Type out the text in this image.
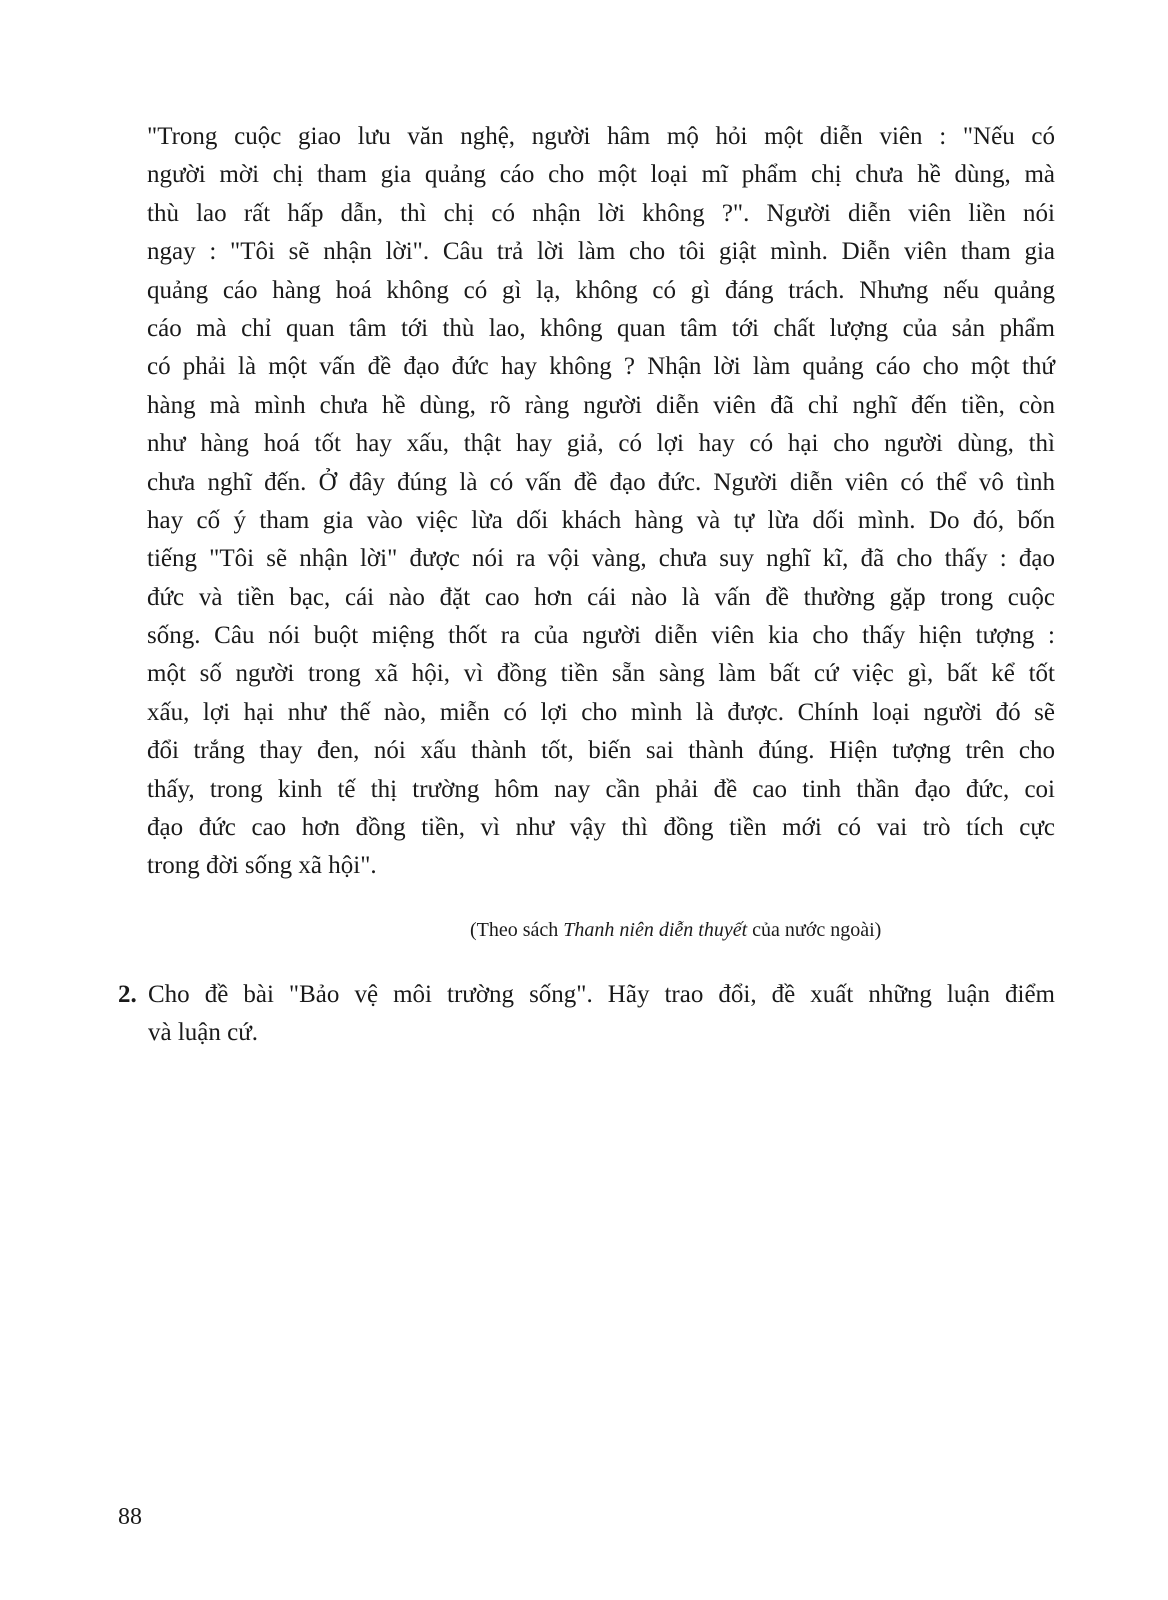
"Trong cuộc giao lưu văn nghệ, người hâm mộ hỏi một diễn viên : "Nếu có
người mời chị tham gia quảng cáo cho một loại mĩ phẩm chị chưa hề dùng, mà
thù lao rất hấp dẫn, thì chị có nhận lời không ?". Người diễn viên liền nói
ngay : "Tôi sẽ nhận lời". Câu trả lời làm cho tôi giật mình. Diễn viên tham gia
quảng cáo hàng hoá không có gì lạ, không có gì đáng trách. Nhưng nếu quảng
cáo mà chỉ quan tâm tới thù lao, không quan tâm tới chất lượng của sản phẩm
có phải là một vấn đề đạo đức hay không ? Nhận lời làm quảng cáo cho một thứ
hàng mà mình chưa hề dùng, rõ ràng người diễn viên đã chỉ nghĩ đến tiền, còn
như hàng hoá tốt hay xấu, thật hay giả, có lợi hay có hại cho người dùng, thì
chưa nghĩ đến. Ở đây đúng là có vấn đề đạo đức. Người diễn viên có thể vô tình
hay cố ý tham gia vào việc lừa dối khách hàng và tự lừa dối mình. Do đó, bốn
tiếng "Tôi sẽ nhận lời" được nói ra vội vàng, chưa suy nghĩ kĩ, đã cho thấy : đạo
đức và tiền bạc, cái nào đặt cao hơn cái nào là vấn đề thường gặp trong cuộc
sống. Câu nói buột miệng thốt ra của người diễn viên kia cho thấy hiện tượng :
một số người trong xã hội, vì đồng tiền sẵn sàng làm bất cứ việc gì, bất kể tốt
xấu, lợi hại như thế nào, miễn có lợi cho mình là được. Chính loại người đó sẽ
đổi trắng thay đen, nói xấu thành tốt, biến sai thành đúng. Hiện tượng trên cho
thấy, trong kinh tế thị trường hôm nay cần phải đề cao tinh thần đạo đức, coi
đạo đức cao hơn đồng tiền, vì như vậy thì đồng tiền mới có vai trò tích cực
trong đời sống xã hội".
(Theo sách Thanh niên diễn thuyết của nước ngoài)
2. Cho đề bài "Bảo vệ môi trường sống". Hãy trao đổi, đề xuất những luận điểm
và luận cứ.
88
